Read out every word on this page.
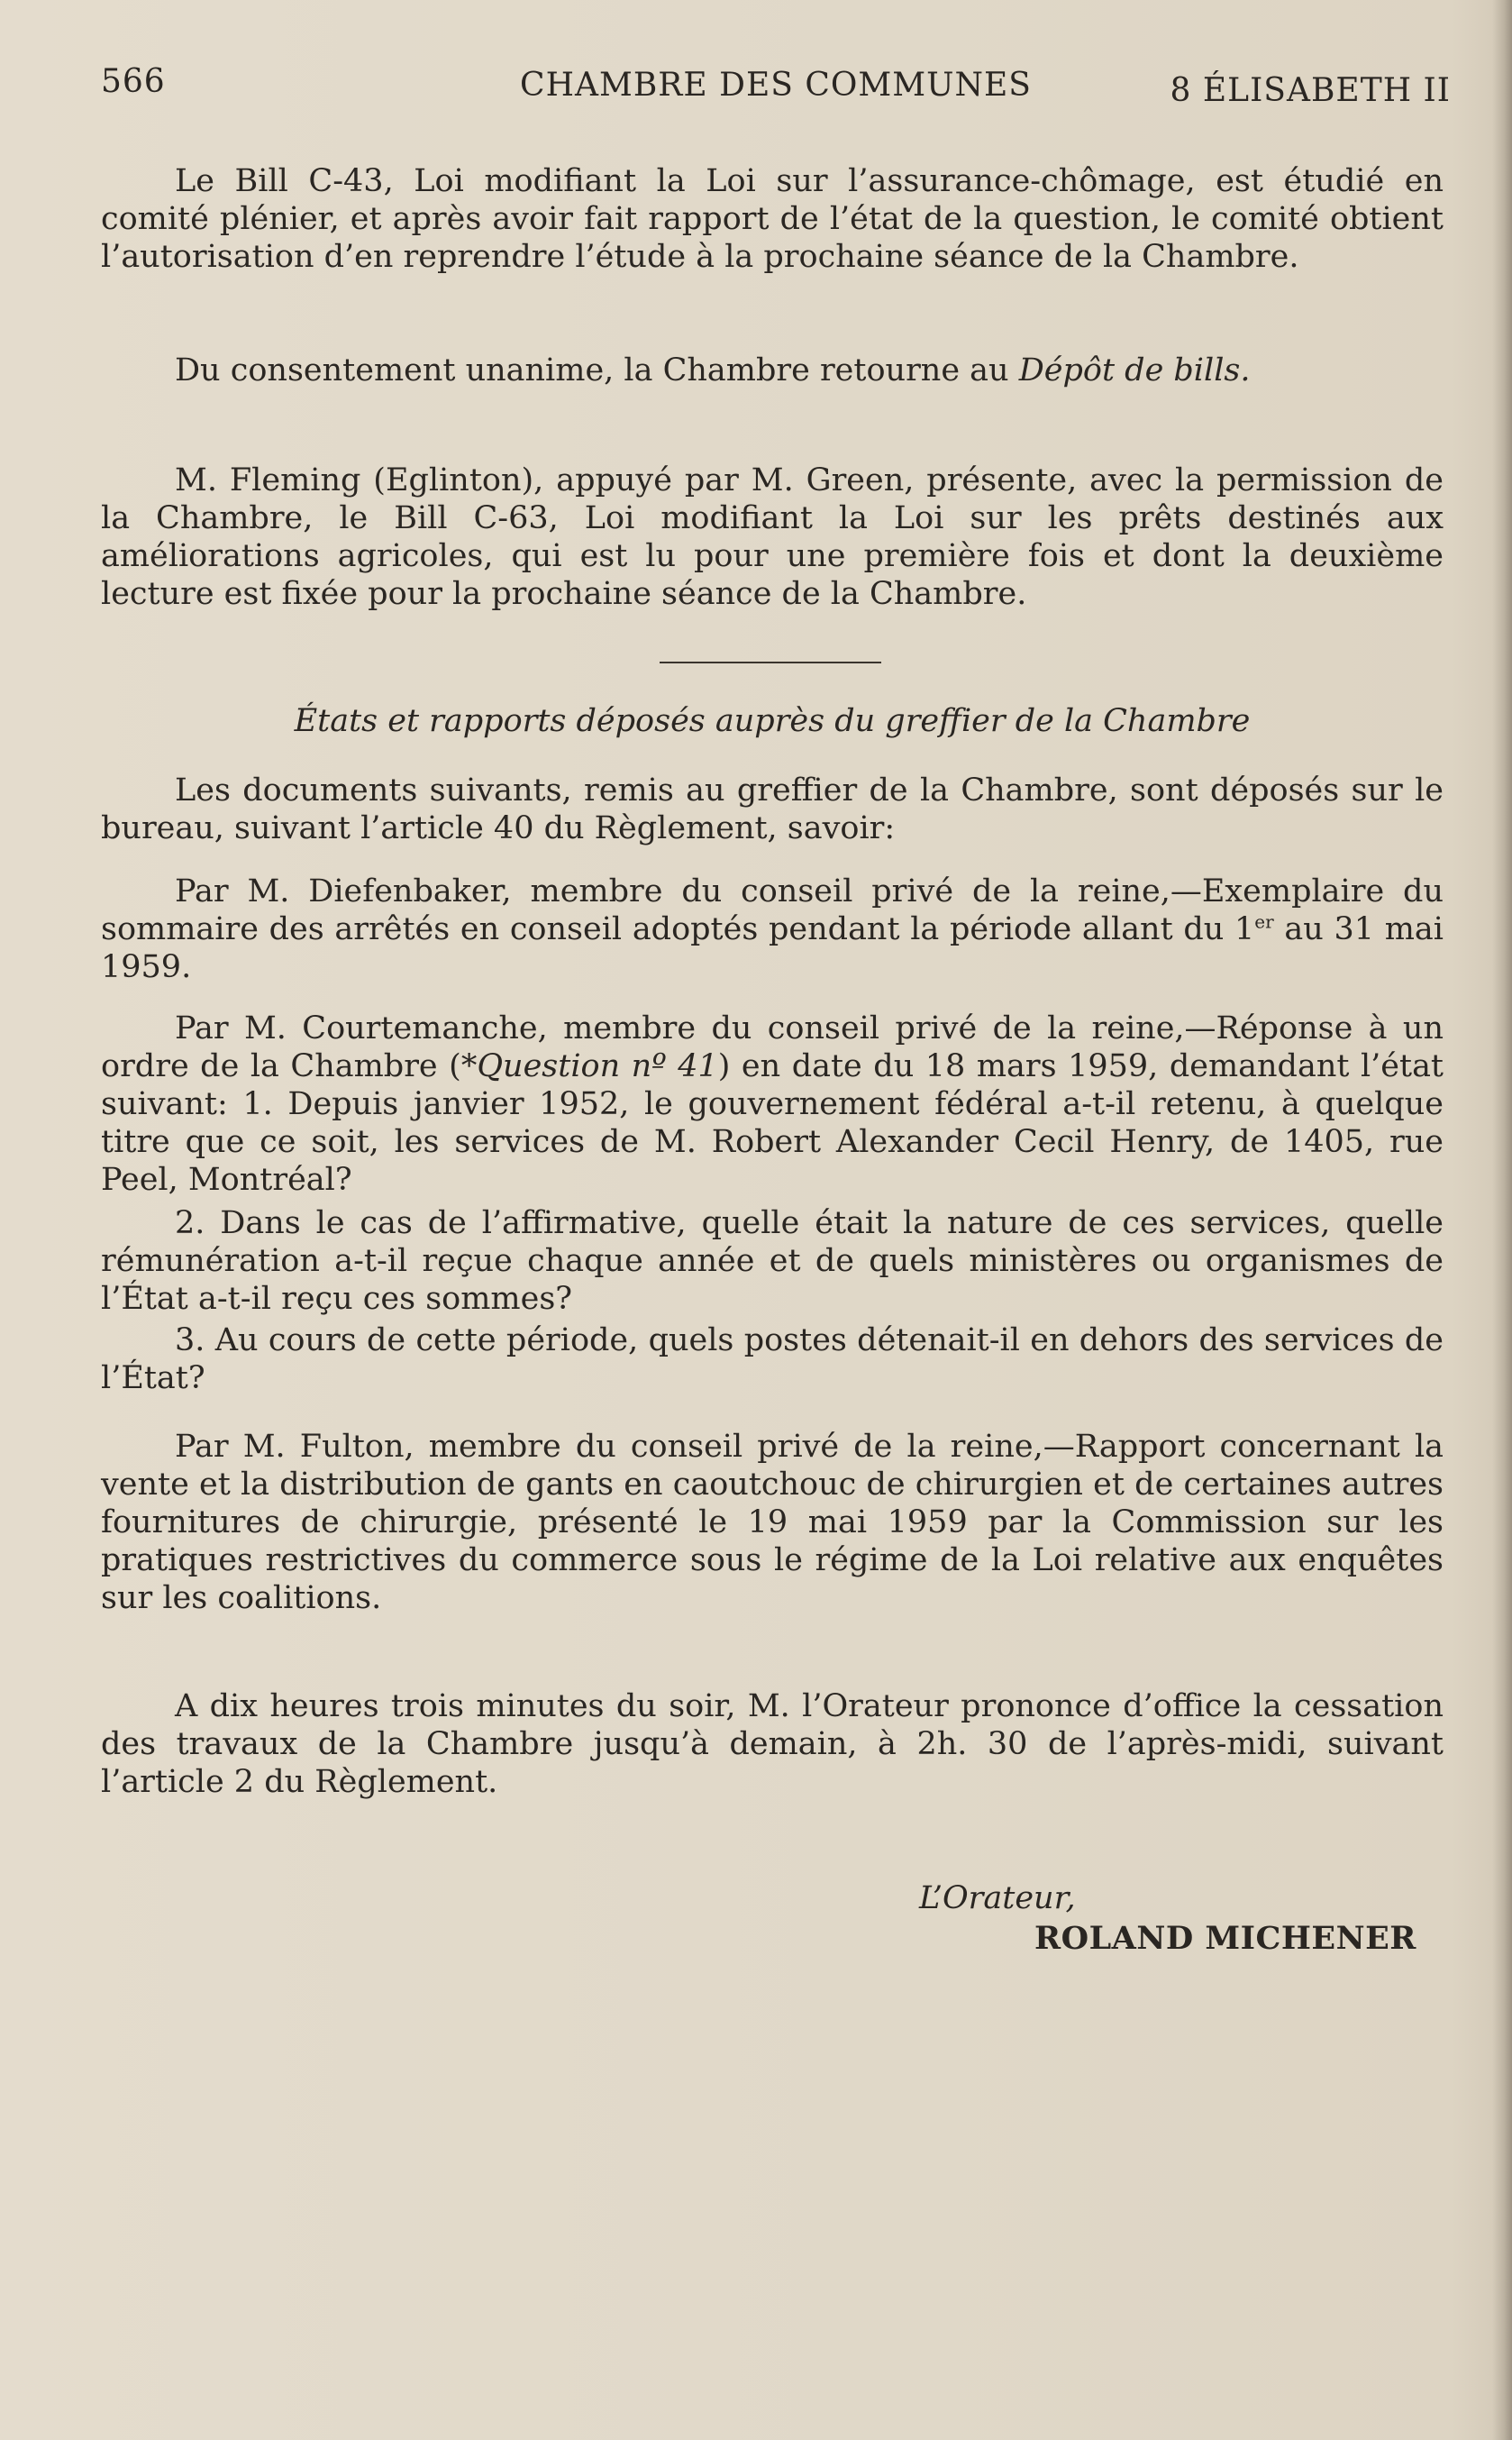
566	CHAMBRE DES COMMUNES	8 ÉLISABETH II

Le Bill C-43, Loi modifiant la Loi sur l’assurance-chômage, est étudié en comité plénier, et après avoir fait rapport de l’état de la question, le comité obtient l’autorisation d’en reprendre l’étude à la prochaine séance de la Chambre.

Du consentement unanime, la Chambre retourne au Dépôt de bills.

M. Fleming (Eglinton), appuyé par M. Green, présente, avec la permission de la Chambre, le Bill C-63, Loi modifiant la Loi sur les prêts destinés aux améliorations agricoles, qui est lu pour une première fois et dont la deuxième lecture est fixée pour la prochaine séance de la Chambre.

États et rapports déposés auprès du greffier de la Chambre

Les documents suivants, remis au greffier de la Chambre, sont déposés sur le bureau, suivant l’article 40 du Règlement, savoir:

Par M. Diefenbaker, membre du conseil privé de la reine,—Exemplaire du sommaire des arrêtés en conseil adoptés pendant la période allant du 1er au 31 mai 1959.

Par M. Courtemanche, membre du conseil privé de la reine,—Réponse à un ordre de la Chambre (*Question nº 41) en date du 18 mars 1959, demandant l’état suivant: 1. Depuis janvier 1952, le gouvernement fédéral a-t-il retenu, à quelque titre que ce soit, les services de M. Robert Alexander Cecil Henry, de 1405, rue Peel, Montréal?

2. Dans le cas de l’affirmative, quelle était la nature de ces services, quelle rémunération a-t-il reçue chaque année et de quels ministères ou organismes de l’État a-t-il reçu ces sommes?

3. Au cours de cette période, quels postes détenait-il en dehors des services de l’État?

Par M. Fulton, membre du conseil privé de la reine,—Rapport concernant la vente et la distribution de gants en caoutchouc de chirurgien et de certaines autres fournitures de chirurgie, présenté le 19 mai 1959 par la Commission sur les pratiques restrictives du commerce sous le régime de la Loi relative aux enquêtes sur les coalitions.

A dix heures trois minutes du soir, M. l’Orateur prononce d’office la cessation des travaux de la Chambre jusqu’à demain, à 2h. 30 de l’après-midi, suivant l’article 2 du Règlement.

L’Orateur,
ROLAND MICHENER
